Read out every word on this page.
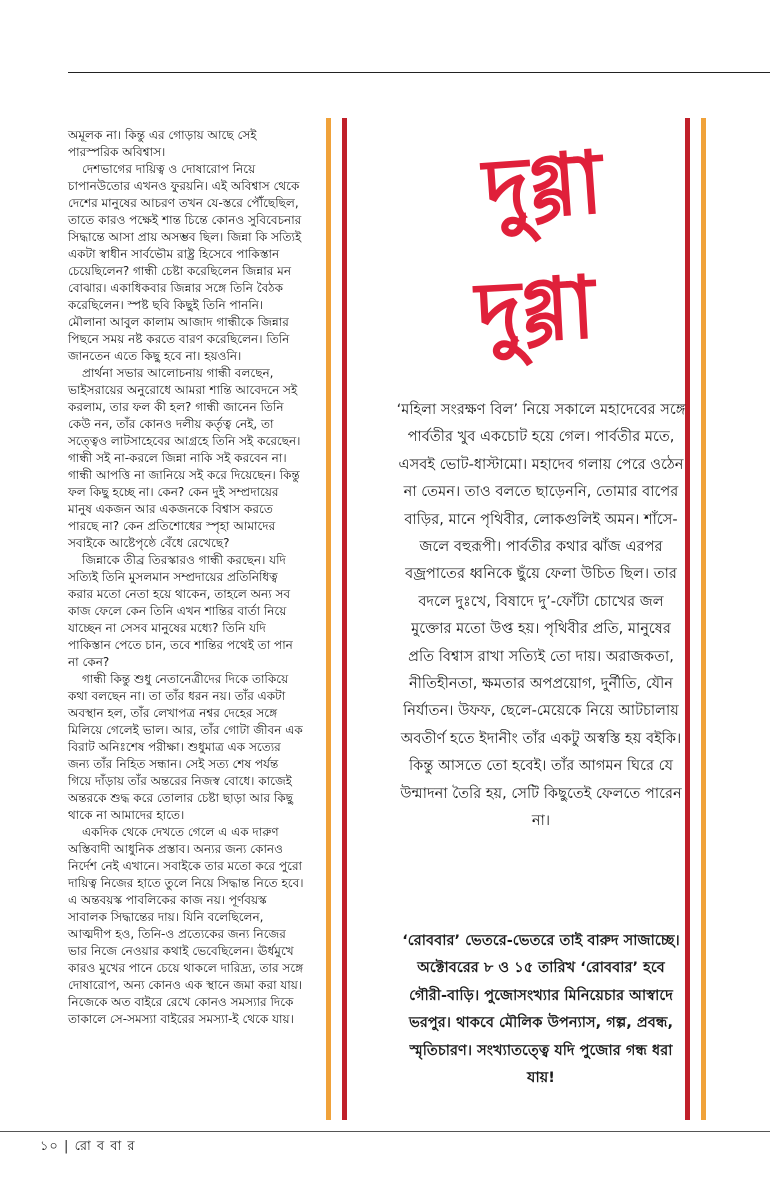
অমূলক না। কিন্তু এর গোড়ায় আছে সেই পারস্পরিক অবিশ্বাস।

দেশভাগের দায়িত্ব ও দোষারোপ নিয়ে চাপানউতোর এখনও ফুরয়নি। এই অবিশ্বাস থেকে দেশের মানুষের আচরণ তখন যে-স্তরে পৌঁছেছিল, তাতে কারও পক্ষেই শান্ত চিন্তে কোনও সুবিবেচনার সিদ্ধান্তে আসা প্রায় অসম্ভব ছিল। জিন্না কি সত্যিই একটা স্বাধীন সার্বভৌম রাষ্ট্র হিসেবে পাকিস্তান চেয়েছিলেন? গান্ধী চেষ্টা করেছিলেন জিন্নার মন বোঝার। একাধিকবার জিন্নার সঙ্গে তিনি বৈঠক করেছিলেন। স্পষ্ট ছবি কিছুই তিনি পাননি। মৌলানা আবুল কালাম আজাদ গান্ধীকে জিন্নার পিছনে সময় নষ্ট করতে বারণ করেছিলেন। তিনি জানতেন এতে কিছু হবে না। হয়ওনি।

প্রার্থনা সভার আলোচনায় গান্ধী বলছেন, ভাইসরায়ের অনুরোধে আমরা শান্তি আবেদনে সই করলাম, তার ফল কী হল? গান্ধী জানেন তিনি কেউ নন, তাঁর কোনও দলীয় কর্তৃত্ব নেই, তা সত্ত্বেও লাটসাহেবের আগ্রহে তিনি সই করেছেন। গান্ধী সই না-করলে জিন্না নাকি সই করবেন না। গান্ধী আপত্তি না জানিয়ে সই করে দিয়েছেন। কিন্তু ফল কিছু হচ্ছে না। কেন? কেন দুই সম্প্রদায়ের মানুষ একজন আর একজনকে বিশ্বাস করতে পারছে না? কেন প্রতিশোধের স্পৃহা আমাদের সবাইকে আষ্টেপৃষ্ঠে বেঁধে রেখেছে?

জিন্নাকে তীব্র তিরস্কারও গান্ধী করছেন। যদি সত্যিই তিনি মুসলমান সম্প্রদায়ের প্রতিনিধিত্ব করার মতো নেতা হয়ে থাকেন, তাহলে অন্য সব কাজ ফেলে কেন তিনি এখন শান্তির বার্তা নিয়ে যাচ্ছেন না সেসব মানুষের মধ্যে? তিনি যদি পাকিস্তান পেতে চান, তবে শান্তির পথেই তা পান না কেন?

গান্ধী কিন্তু শুধু নেতানেত্রীদের দিকে তাকিয়ে কথা বলছেন না। তা তাঁর ধরন নয়। তাঁর একটা অবস্থান হল, তাঁর লেখাপত্র নশ্বর দেহের সঙ্গে মিলিয়ে গেলেই ভাল। আর, তাঁর গোটা জীবন এক বিরাট অনিঃশেষ পরীক্ষা। শুধুমাত্র এক সত্যের জন্য তাঁর নিহিত সন্ধান। সেই সত্য শেষ পর্যন্ত গিয়ে দাঁড়ায় তাঁর অন্তরের নিজস্ব বোধে। কাজেই অন্তরকে শুদ্ধ করে তোলার চেষ্টা ছাড়া আর কিছু থাকে না আমাদের হাতে।

একদিক থেকে দেখতে গেলে এ এক দারুণ অস্তিবাদী আধুনিক প্রস্তাব। অন্যর জন্য কোনও নির্দেশ নেই এখানে। সবাইকে তার মতো করে পুরো দায়িত্ব নিজের হাতে তুলে নিয়ে সিদ্ধান্ত নিতে হবে। এ অন্তবয়স্ক পাবলিকের কাজ নয়। পূর্ণবয়স্ক সাবালক সিদ্ধান্তের দায়। যিনি বলেছিলেন, আত্মদীপ হও, তিনি-ও প্রত্যেকের জন্য নিজের ভার নিজে নেওয়ার কথাই ভেবেছিলেন। ঊর্ধমুখে কারও মুখের পানে চেয়ে থাকলে দারিদ্র্য, তার সঙ্গে দোষারোপ, অন্য কোনও এক স্থানে জমা করা যায়। নিজেকে অত বাইরে রেখে কোনও সমস্যার দিকে তাকালে সে-সমস্যা বাইরের সমস্যা-ই থেকে যায়।

দুগ্গা
দুগ্গা

‘মহিলা সংরক্ষণ বিল’ নিয়ে সকালে মহাদেবের সঙ্গে পার্বতীর খুব একচোট হয়ে গেল। পার্বতীর মতে, এসবই ভোট-ধাস্টামো। মহাদেব গলায় পেরে ওঠেন না তেমন। তাও বলতে ছাড়েননি, তোমার বাপের বাড়ির, মানে পৃথিবীর, লোকগুলিই অমন। শাঁসে-জলে বহুরূপী। পার্বতীর কথার ঝাঁজ এরপর বজ্রপাতের ধ্বনিকে ছুঁয়ে ফেলা উচিত ছিল। তার বদলে দুঃখে, বিষাদে দু’-ফোঁটা চোখের জল মুক্তোর মতো উপ্ত হয়। পৃথিবীর প্রতি, মানুষের প্রতি বিশ্বাস রাখা সত্যিই তো দায়। অরাজকতা, নীতিহীনতা, ক্ষমতার অপপ্রয়োগ, দুর্নীতি, যৌন নির্যাতন। উফফ, ছেলে-মেয়েকে নিয়ে আটচালায় অবতীর্ণ হতে ইদানীং তাঁর একটু অস্বস্তি হয় বইকি। কিন্তু আসতে তো হবেই। তাঁর আগমন ঘিরে যে উন্মাদনা তৈরি হয়, সেটি কিছুতেই ফেলতে পারেন না।

‘রোববার’ ভেতরে-ভেতরে তাই বারুদ সাজাচ্ছে। অক্টোবরের ৮ ও ১৫ তারিখ ‘রোববার’ হবে গৌরী-বাড়ি। পুজোসংখ্যার মিনিয়েচার আস্বাদে ভরপুর। থাকবে মৌলিক উপন্যাস, গল্প, প্রবন্ধ, স্মৃতিচারণ। সংখ্যাতত্ত্বে যদি পুজোর গন্ধ ধরা যায়!

১০ | রো ব বা র
